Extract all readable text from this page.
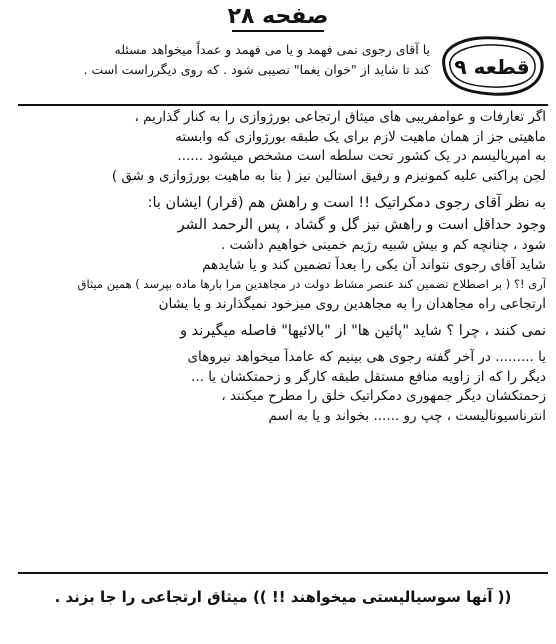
صفحه ۲۸
قطعه ۹
یا آقای رجوی نمی فهمد و یا می فهمد و عمداً میخواهد مسئله
کند تا شاید از "خوان یغما" نصیبی شود . که روی دیگرراست است .
اگر تعارفات و عوامفریبی های میثاق ارتجاعی بورژوازی را به کنار گذاریم ،
ماهیتی جز از همان ماهیت لازم برای یک طبقه بورژوازی که وابسته
به امپریالیسم در یک کشور تحت سلطه است مشخص میشود ......
لجن پراکنی علیه کمونیزم و رفیق استالین نیز ( بنا به ماهیت بورژوازی و شق )
به نظر آقای رجوی دمکراتیک !! است و راهش هم (قرار) ایشان با:
وجود حداقل است و راهش نیز گل و گشاد ، پس الرحمد الشر
شود ، چنانچه کم و بیش شبیه رژیم خمینی خواهیم داشت .
شاید آقای رجوی نتواند آن یکی را بعداً تضمین کند و یا شایدهم
آری !؟ ( بر اصطلاح تضمین کند عنصر مشاط دولت در مجاهدین مرا بارها ماده بپرسد ) همین میثاق
ارتجاعی راه مجاهدان را به مجاهدین روی میزخود نمیگذارند و یا یشان
نمی کنند ، چرا ؟ شاید "پائین ها" از "بالائیها" فاصله میگیرند و
یا ......... در آخر گفته رجوی هی بینیم که عامداً میخواهد نیروهای
دیگر را که از زاویه منافع مستقل طبقه کارگر و زحمتکشان یا ...
زحمتکشان دیگر جمهوری دمکراتیک خلق را مطرح میکنند ،
انترناسیونالیست ، چپ رو ...... بخواند و یا به اسم
(( آنها سوسیالیستی میخواهند !! )) میثاق ارتجاعی را جا بزند .
